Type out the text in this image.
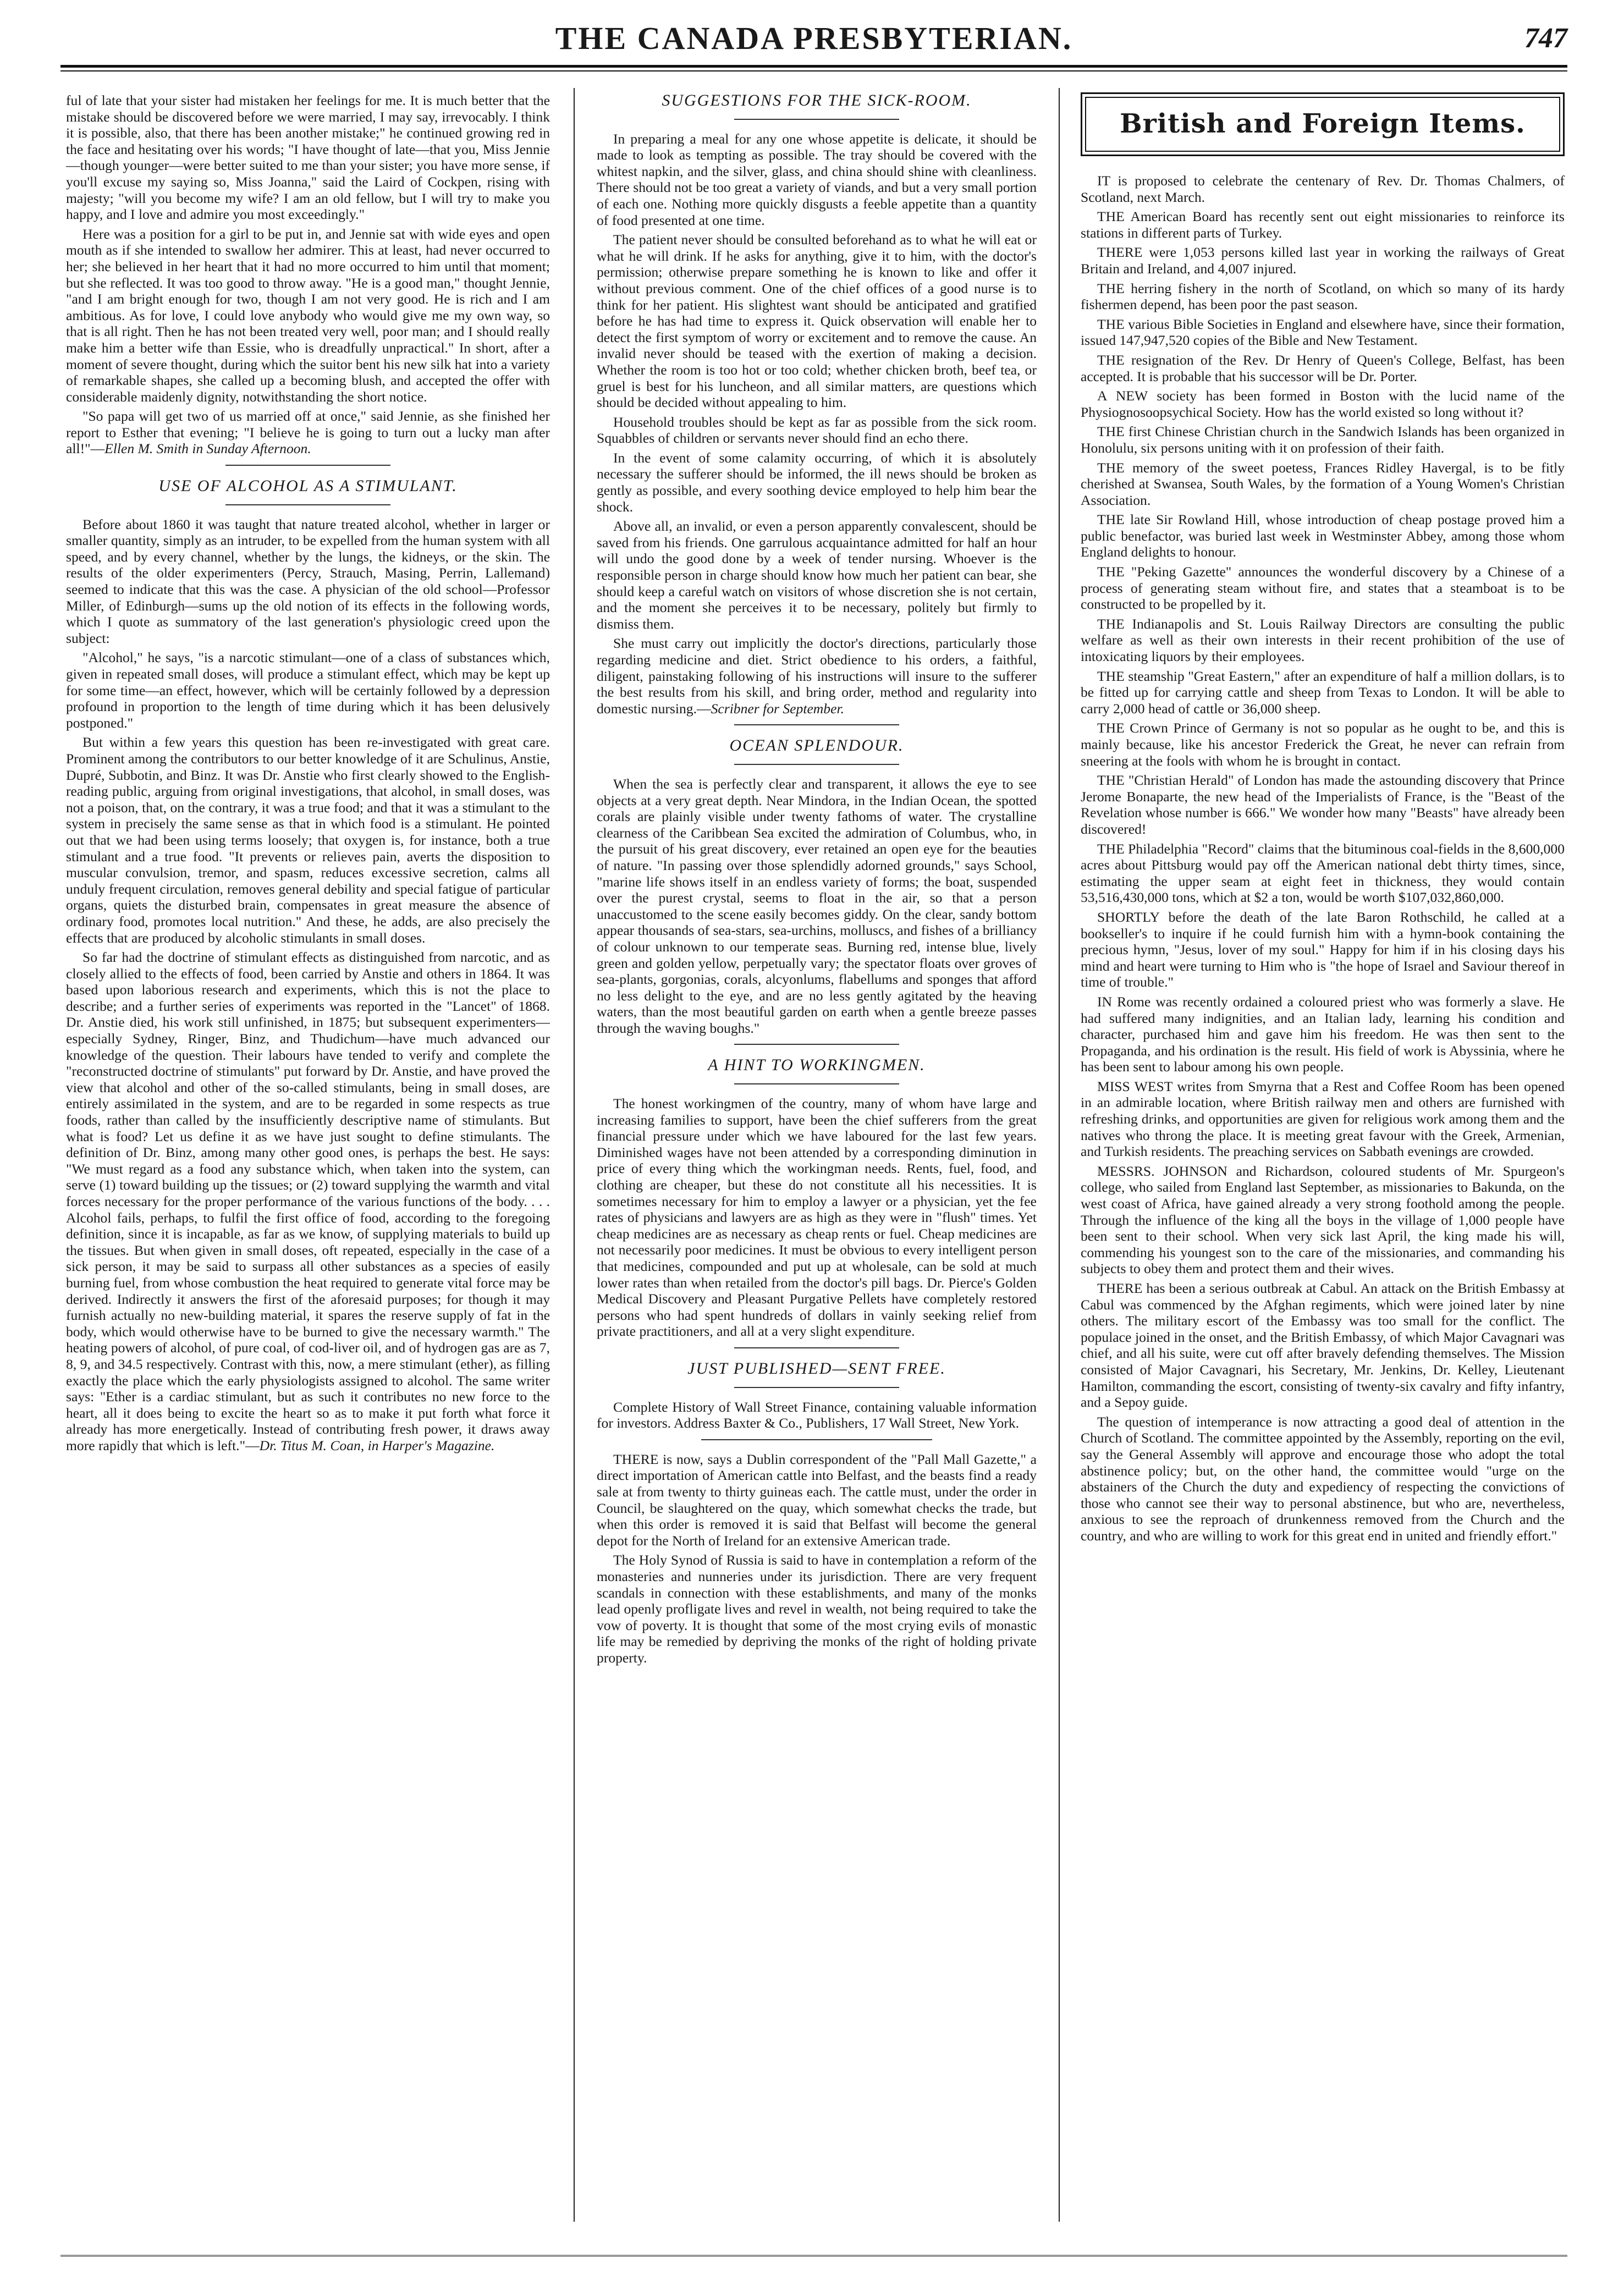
THE CANADA PRESBYTERIAN.	747

ful of late that your sister had mistaken her feelings for me. It is much better that the mistake should be discovered before we were married, I may say, irrevocably. I think it is possible, also, that there has been another mistake;" he continued growing red in the face and hesitating over his words; "I have thought of late—that you, Miss Jennie—though younger—were better suited to me than your sister; you have more sense, if you'll excuse my saying so, Miss Joanna," said the Laird of Cockpen, rising with majesty; "will you become my wife? I am an old fellow, but I will try to make you happy, and I love and admire you most exceedingly."

Here was a position for a girl to be put in, and Jennie sat with wide eyes and open mouth as if she intended to swallow her admirer. This at least, had never occurred to her; she believed in her heart that it had no more occurred to him until that moment; but she reflected. It was too good to throw away. "He is a good man," thought Jennie, "and I am bright enough for two, though I am not very good. He is rich and I am ambitious. As for love, I could love anybody who would give me my own way, so that is all right. Then he has not been treated very well, poor man; and I should really make him a better wife than Essie, who is dreadfully unpractical." In short, after a moment of severe thought, during which the suitor bent his new silk hat into a variety of remarkable shapes, she called up a becoming blush, and accepted the offer with considerable maidenly dignity, notwithstanding the short notice.

"So papa will get two of us married off at once," said Jennie, as she finished her report to Esther that evening; "I believe he is going to turn out a lucky man after all!"—Ellen M. Smith in Sunday Afternoon.

USE OF ALCOHOL AS A STIMULANT.

Before about 1860 it was taught that nature treated alcohol, whether in larger or smaller quantity, simply as an intruder, to be expelled from the human system with all speed, and by every channel, whether by the lungs, the kidneys, or the skin. The results of the older experimenters (Percy, Strauch, Masing, Perrin, Lallemand) seemed to indicate that this was the case. A physician of the old school—Professor Miller, of Edinburgh—sums up the old notion of its effects in the following words, which I quote as summatory of the last generation's physiologic creed upon the subject:

"Alcohol," he says, "is a narcotic stimulant—one of a class of substances which, given in repeated small doses, will produce a stimulant effect, which may be kept up for some time—an effect, however, which will be certainly followed by a depression profound in proportion to the length of time during which it has been delusively postponed."

But within a few years this question has been re-investigated with great care. Prominent among the contributors to our better knowledge of it are Schulinus, Anstie, Dupré, Subbotin, and Binz. It was Dr. Anstie who first clearly showed to the English-reading public, arguing from original investigations, that alcohol, in small doses, was not a poison, that, on the contrary, it was a true food; and that it was a stimulant to the system in precisely the same sense as that in which food is a stimulant. He pointed out that we had been using terms loosely; that oxygen is, for instance, both a true stimulant and a true food. "It prevents or relieves pain, averts the disposition to muscular convulsion, tremor, and spasm, reduces excessive secretion, calms all unduly frequent circulation, removes general debility and special fatigue of particular organs, quiets the disturbed brain, compensates in great measure the absence of ordinary food, promotes local nutrition." And these, he adds, are also precisely the effects that are produced by alcoholic stimulants in small doses.

So far had the doctrine of stimulant effects as distinguished from narcotic, and as closely allied to the effects of food, been carried by Anstie and others in 1864. It was based upon laborious research and experiments, which this is not the place to describe; and a further series of experiments was reported in the "Lancet" of 1868. Dr. Anstie died, his work still unfinished, in 1875; but subsequent experimenters—especially Sydney, Ringer, Binz, and Thudichum—have much advanced our knowledge of the question. Their labours have tended to verify and complete the "reconstructed doctrine of stimulants" put forward by Dr. Anstie, and have proved the view that alcohol and other of the so-called stimulants, being in small doses, are entirely assimilated in the system, and are to be regarded in some respects as true foods, rather than called by the insufficiently descriptive name of stimulants. But what is food? Let us define it as we have just sought to define stimulants. The definition of Dr. Binz, among many other good ones, is perhaps the best. He says: "We must regard as a food any substance which, when taken into the system, can serve (1) toward building up the tissues; or (2) toward supplying the warmth and vital forces necessary for the proper performance of the various functions of the body. . . . Alcohol fails, perhaps, to fulfil the first office of food, according to the foregoing definition, since it is incapable, as far as we know, of supplying materials to build up the tissues. But when given in small doses, oft repeated, especially in the case of a sick person, it may be said to surpass all other substances as a species of easily burning fuel, from whose combustion the heat required to generate vital force may be derived. Indirectly it answers the first of the aforesaid purposes; for though it may furnish actually no new-building material, it spares the reserve supply of fat in the body, which would otherwise have to be burned to give the necessary warmth." The heating powers of alcohol, of pure coal, of cod-liver oil, and of hydrogen gas are as 7, 8, 9, and 34.5 respectively. Contrast with this, now, a mere stimulant (ether), as filling exactly the place which the early physiologists assigned to alcohol. The same writer says: "Ether is a cardiac stimulant, but as such it contributes no new force to the heart, all it does being to excite the heart so as to make it put forth what force it already has more energetically. Instead of contributing fresh power, it draws away more rapidly that which is left."—Dr. Titus M. Coan, in Harper's Magazine.

SUGGESTIONS FOR THE SICK-ROOM.

In preparing a meal for any one whose appetite is delicate, it should be made to look as tempting as possible. The tray should be covered with the whitest napkin, and the silver, glass, and china should shine with cleanliness. There should not be too great a variety of viands, and but a very small portion of each one. Nothing more quickly disgusts a feeble appetite than a quantity of food presented at one time.

The patient never should be consulted beforehand as to what he will eat or what he will drink. If he asks for anything, give it to him, with the doctor's permission; otherwise prepare something he is known to like and offer it without previous comment. One of the chief offices of a good nurse is to think for her patient. His slightest want should be anticipated and gratified before he has had time to express it. Quick observation will enable her to detect the first symptom of worry or excitement and to remove the cause. An invalid never should be teased with the exertion of making a decision. Whether the room is too hot or too cold; whether chicken broth, beef tea, or gruel is best for his luncheon, and all similar matters, are questions which should be decided without appealing to him.

Household troubles should be kept as far as possible from the sick room. Squabbles of children or servants never should find an echo there.

In the event of some calamity occurring, of which it is absolutely necessary the sufferer should be informed, the ill news should be broken as gently as possible, and every soothing device employed to help him bear the shock.

Above all, an invalid, or even a person apparently convalescent, should be saved from his friends. One garrulous acquaintance admitted for half an hour will undo the good done by a week of tender nursing. Whoever is the responsible person in charge should know how much her patient can bear, she should keep a careful watch on visitors of whose discretion she is not certain, and the moment she perceives it to be necessary, politely but firmly to dismiss them.

She must carry out implicitly the doctor's directions, particularly those regarding medicine and diet. Strict obedience to his orders, a faithful, diligent, painstaking following of his instructions will insure to the sufferer the best results from his skill, and bring order, method and regularity into domestic nursing.—Scribner for September.

OCEAN SPLENDOUR.

When the sea is perfectly clear and transparent, it allows the eye to see objects at a very great depth. Near Mindora, in the Indian Ocean, the spotted corals are plainly visible under twenty fathoms of water. The crystalline clearness of the Caribbean Sea excited the admiration of Columbus, who, in the pursuit of his great discovery, ever retained an open eye for the beauties of nature. "In passing over those splendidly adorned grounds," says School, "marine life shows itself in an endless variety of forms; the boat, suspended over the purest crystal, seems to float in the air, so that a person unaccustomed to the scene easily becomes giddy. On the clear, sandy bottom appear thousands of sea-stars, sea-urchins, molluscs, and fishes of a brilliancy of colour unknown to our temperate seas. Burning red, intense blue, lively green and golden yellow, perpetually vary; the spectator floats over groves of sea-plants, gorgonias, corals, alcyonlums, flabellums and sponges that afford no less delight to the eye, and are no less gently agitated by the heaving waters, than the most beautiful garden on earth when a gentle breeze passes through the waving boughs."

A HINT TO WORKINGMEN.

The honest workingmen of the country, many of whom have large and increasing families to support, have been the chief sufferers from the great financial pressure under which we have laboured for the last few years. Diminished wages have not been attended by a corresponding diminution in price of every thing which the workingman needs. Rents, fuel, food, and clothing are cheaper, but these do not constitute all his necessities. It is sometimes necessary for him to employ a lawyer or a physician, yet the fee rates of physicians and lawyers are as high as they were in "flush" times. Yet cheap medicines are as necessary as cheap rents or fuel. Cheap medicines are not necessarily poor medicines. It must be obvious to every intelligent person that medicines, compounded and put up at wholesale, can be sold at much lower rates than when retailed from the doctor's pill bags. Dr. Pierce's Golden Medical Discovery and Pleasant Purgative Pellets have completely restored persons who had spent hundreds of dollars in vainly seeking relief from private practitioners, and all at a very slight expenditure.

JUST PUBLISHED—SENT FREE.

Complete History of Wall Street Finance, containing valuable information for investors. Address Baxter & Co., Publishers, 17 Wall Street, New York.

THERE is now, says a Dublin correspondent of the "Pall Mall Gazette," a direct importation of American cattle into Belfast, and the beasts find a ready sale at from twenty to thirty guineas each. The cattle must, under the order in Council, be slaughtered on the quay, which somewhat checks the trade, but when this order is removed it is said that Belfast will become the general depot for the North of Ireland for an extensive American trade.

The Holy Synod of Russia is said to have in contemplation a reform of the monasteries and nunneries under its jurisdiction. There are very frequent scandals in connection with these establishments, and many of the monks lead openly profligate lives and revel in wealth, not being required to take the vow of poverty. It is thought that some of the most crying evils of monastic life may be remedied by depriving the monks of the right of holding private property.

British and Foreign Items.

IT is proposed to celebrate the centenary of Rev. Dr. Thomas Chalmers, of Scotland, next March.

THE American Board has recently sent out eight missionaries to reinforce its stations in different parts of Turkey.

THERE were 1,053 persons killed last year in working the railways of Great Britain and Ireland, and 4,007 injured.

THE herring fishery in the north of Scotland, on which so many of its hardy fishermen depend, has been poor the past season.

THE various Bible Societies in England and elsewhere have, since their formation, issued 147,947,520 copies of the Bible and New Testament.

THE resignation of the Rev. Dr Henry of Queen's College, Belfast, has been accepted. It is probable that his successor will be Dr. Porter.

A NEW society has been formed in Boston with the lucid name of the Physiognosoopsychical Society. How has the world existed so long without it?

THE first Chinese Christian church in the Sandwich Islands has been organized in Honolulu, six persons uniting with it on profession of their faith.

THE memory of the sweet poetess, Frances Ridley Havergal, is to be fitly cherished at Swansea, South Wales, by the formation of a Young Women's Christian Association.

THE late Sir Rowland Hill, whose introduction of cheap postage proved him a public benefactor, was buried last week in Westminster Abbey, among those whom England delights to honour.

THE "Peking Gazette" announces the wonderful discovery by a Chinese of a process of generating steam without fire, and states that a steamboat is to be constructed to be propelled by it.

THE Indianapolis and St. Louis Railway Directors are consulting the public welfare as well as their own interests in their recent prohibition of the use of intoxicating liquors by their employees.

THE steamship "Great Eastern," after an expenditure of half a million dollars, is to be fitted up for carrying cattle and sheep from Texas to London. It will be able to carry 2,000 head of cattle or 36,000 sheep.

THE Crown Prince of Germany is not so popular as he ought to be, and this is mainly because, like his ancestor Frederick the Great, he never can refrain from sneering at the fools with whom he is brought in contact.

THE "Christian Herald" of London has made the astounding discovery that Prince Jerome Bonaparte, the new head of the Imperialists of France, is the "Beast of the Revelation whose number is 666." We wonder how many "Beasts" have already been discovered!

THE Philadelphia "Record" claims that the bituminous coal-fields in the 8,600,000 acres about Pittsburg would pay off the American national debt thirty times, since, estimating the upper seam at eight feet in thickness, they would contain 53,516,430,000 tons, which at $2 a ton, would be worth $107,032,860,000.

SHORTLY before the death of the late Baron Rothschild, he called at a bookseller's to inquire if he could furnish him with a hymn-book containing the precious hymn, "Jesus, lover of my soul." Happy for him if in his closing days his mind and heart were turning to Him who is "the hope of Israel and Saviour thereof in time of trouble."

IN Rome was recently ordained a coloured priest who was formerly a slave. He had suffered many indignities, and an Italian lady, learning his condition and character, purchased him and gave him his freedom. He was then sent to the Propaganda, and his ordination is the result. His field of work is Abyssinia, where he has been sent to labour among his own people.

MISS WEST writes from Smyrna that a Rest and Coffee Room has been opened in an admirable location, where British railway men and others are furnished with refreshing drinks, and opportunities are given for religious work among them and the natives who throng the place. It is meeting great favour with the Greek, Armenian, and Turkish residents. The preaching services on Sabbath evenings are crowded.

MESSRS. JOHNSON and Richardson, coloured students of Mr. Spurgeon's college, who sailed from England last September, as missionaries to Bakunda, on the west coast of Africa, have gained already a very strong foothold among the people. Through the influence of the king all the boys in the village of 1,000 people have been sent to their school. When very sick last April, the king made his will, commending his youngest son to the care of the missionaries, and commanding his subjects to obey them and protect them and their wives.

THERE has been a serious outbreak at Cabul. An attack on the British Embassy at Cabul was commenced by the Afghan regiments, which were joined later by nine others. The military escort of the Embassy was too small for the conflict. The populace joined in the onset, and the British Embassy, of which Major Cavagnari was chief, and all his suite, were cut off after bravely defending themselves. The Mission consisted of Major Cavagnari, his Secretary, Mr. Jenkins, Dr. Kelley, Lieutenant Hamilton, commanding the escort, consisting of twenty-six cavalry and fifty infantry, and a Sepoy guide.

The question of intemperance is now attracting a good deal of attention in the Church of Scotland. The committee appointed by the Assembly, reporting on the evil, say the General Assembly will approve and encourage those who adopt the total abstinence policy; but, on the other hand, the committee would "urge on the abstainers of the Church the duty and expediency of respecting the convictions of those who cannot see their way to personal abstinence, but who are, nevertheless, anxious to see the reproach of drunkenness removed from the Church and the country, and who are willing to work for this great end in united and friendly effort."
